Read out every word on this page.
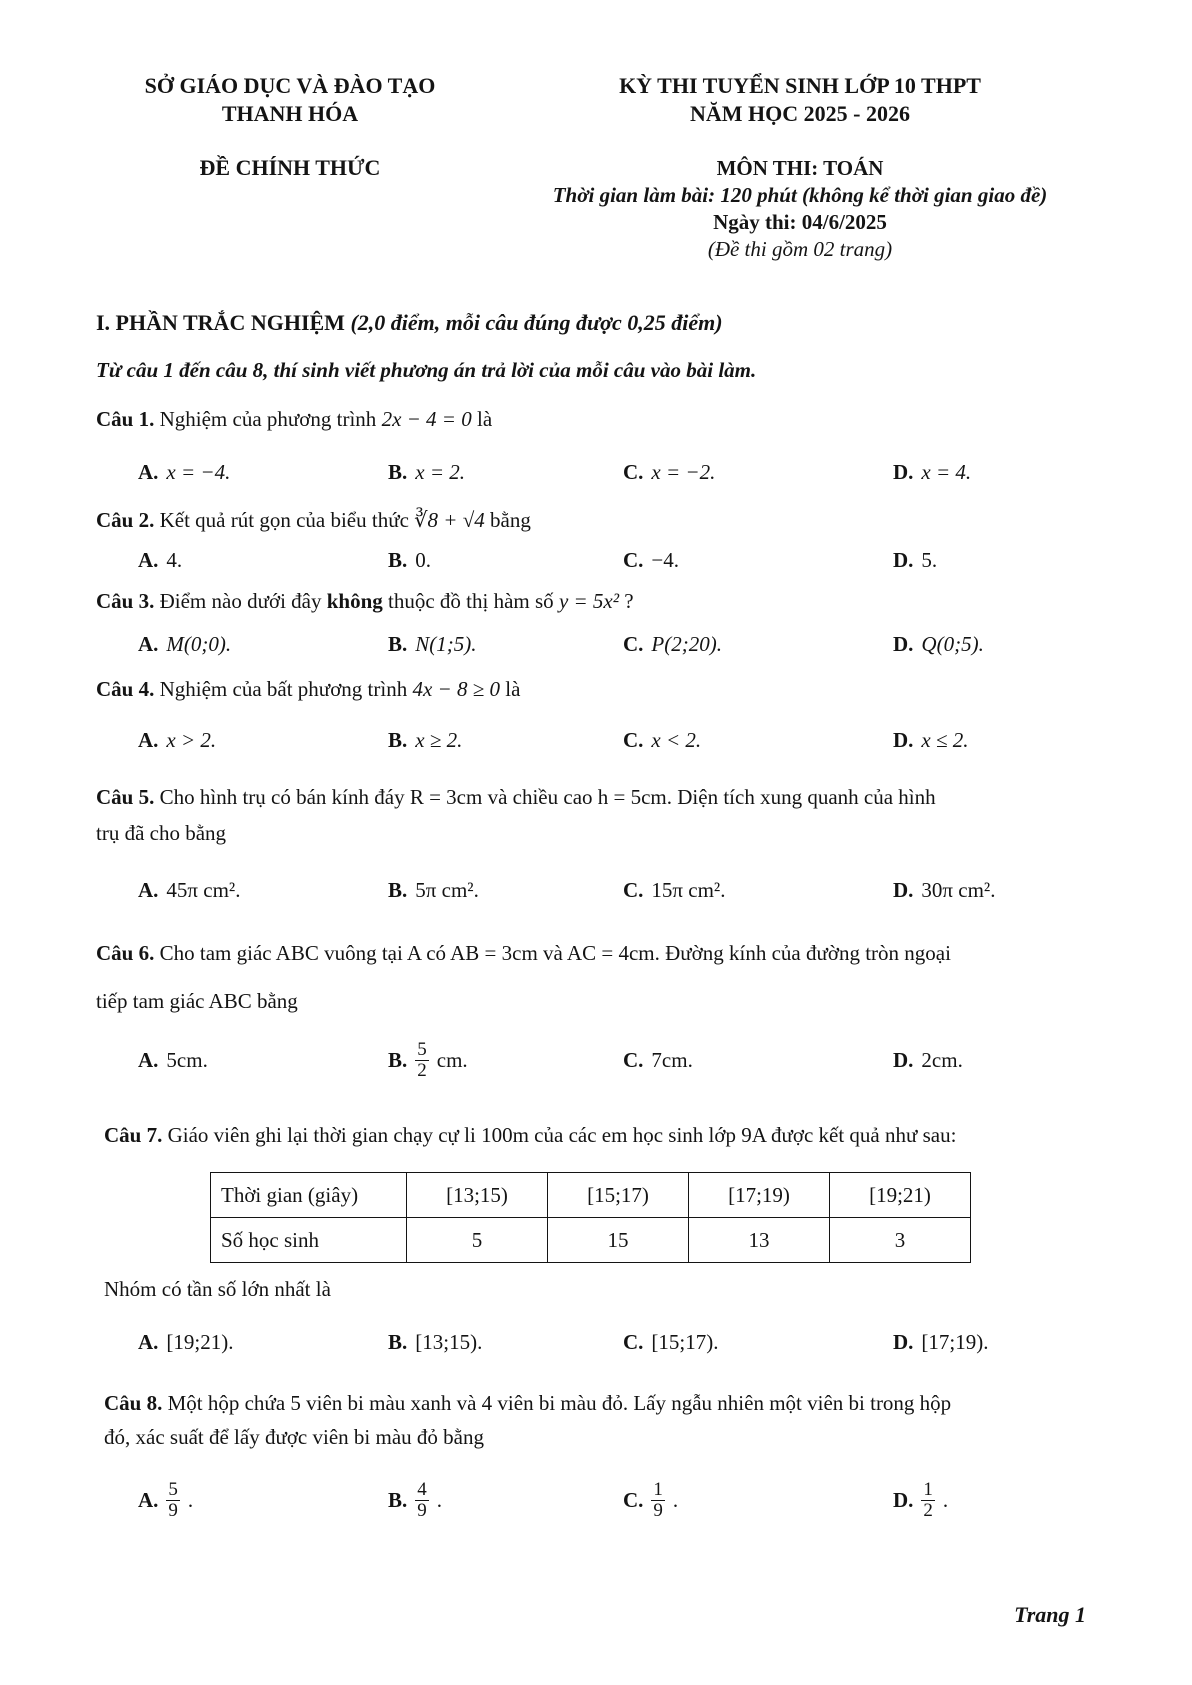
SỞ GIÁO DỤC VÀ ĐÀO TẠO
THANH HÓA
KỲ THI TUYỂN SINH LỚP 10 THPT
NĂM HỌC 2025 - 2026
ĐỀ CHÍNH THỨC	MÔN THI: TOÁN
Thời gian làm bài: 120 phút (không kể thời gian giao đề)
Ngày thi: 04/6/2025
(Đề thi gồm 02 trang)
I. PHẦN TRẮC NGHIỆM (2,0 điểm, mỗi câu đúng được 0,25 điểm)
Từ câu 1 đến câu 8, thí sinh viết phương án trả lời của mỗi câu vào bài làm.
Câu 1. Nghiệm của phương trình 2x − 4 = 0 là
A. x = −4.	B. x = 2.	C. x = −2.	D. x = 4.
Câu 2. Kết quả rút gọn của biểu thức ∛8 + √4 bằng
A. 4.	B. 0.	C. −4.	D. 5.
Câu 3. Điểm nào dưới đây không thuộc đồ thị hàm số y = 5x² ?
A. M(0;0).	B. N(1;5).	C. P(2;20).	D. Q(0;5).
Câu 4. Nghiệm của bất phương trình 4x − 8 ≥ 0 là
A. x > 2.	B. x ≥ 2.	C. x < 2.	D. x ≤ 2.
Câu 5. Cho hình trụ có bán kính đáy R = 3cm và chiều cao h = 5cm. Diện tích xung quanh của hình
trụ đã cho bằng
A. 45π cm².	B. 5π cm².	C. 15π cm².	D. 30π cm².
Câu 6. Cho tam giác ABC vuông tại A có AB = 3cm và AC = 4cm. Đường kính của đường tròn ngoại
tiếp tam giác ABC bằng
A. 5cm.	B. $\frac{5}{2}$ cm.	C. 7cm.	D. 2cm.
Câu 7. Giáo viên ghi lại thời gian chạy cự li 100m của các em học sinh lớp 9A được kết quả như sau:
Thời gian (giây)	[13;15)	[15;17)	[17;19)	[19;21)
Số học sinh	5	15	13	3
Nhóm có tần số lớn nhất là
A. [19;21).	B. [13;15).	C. [15;17).	D. [17;19).
Câu 8. Một hộp chứa 5 viên bi màu xanh và 4 viên bi màu đỏ. Lấy ngẫu nhiên một viên bi trong hộp
đó, xác suất để lấy được viên bi màu đỏ bằng
A. $\frac{5}{9}$ .	B. $\frac{4}{9}$ .	C. $\frac{1}{9}$ .	D. $\frac{1}{2}$ .
Trang 1
